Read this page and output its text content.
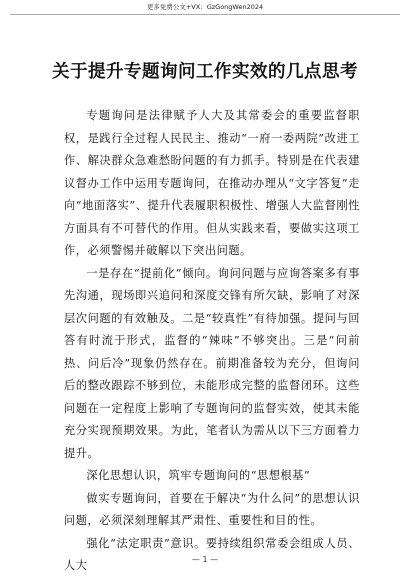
更多免费公文+VX：GzGongWen2024
关于提升专题询问工作实效的几点思考

专题询问是法律赋予人大及其常委会的重要监督职权，是践行全过程人民民主、推动“一府一委两院”改进工作、解决群众急难愁盼问题的有力抓手。特别是在代表建议督办工作中运用专题询问，在推动办理从“文字答复”走向“地面落实”、提升代表履职积极性、增强人大监督刚性方面具有不可替代的作用。但从实践来看，要做实这项工作，必须警惕并破解以下突出问题。

一是存在“提前化”倾向。询问问题与应询答案多有事先沟通，现场即兴追问和深度交锋有所欠缺，影响了对深层次问题的有效触及。二是“较真性”有待加强。提问与回答有时流于形式，监督的“辣味”不够突出。三是“问前热、问后冷”现象仍然存在。前期准备较为充分，但询问后的整改跟踪不够到位，未能形成完整的监督闭环。这些问题在一定程度上影响了专题询问的监督实效，使其未能充分实现预期效果。为此，笔者认为需从以下三方面着力提升。

深化思想认识，筑牢专题询问的“思想根基”

做实专题询问，首要在于解决“为什么问”的思想认识问题，必须深刻理解其严肃性、重要性和目的性。

强化“法定职责”意识。要持续组织常委会组成人员、人大	— 1 —
